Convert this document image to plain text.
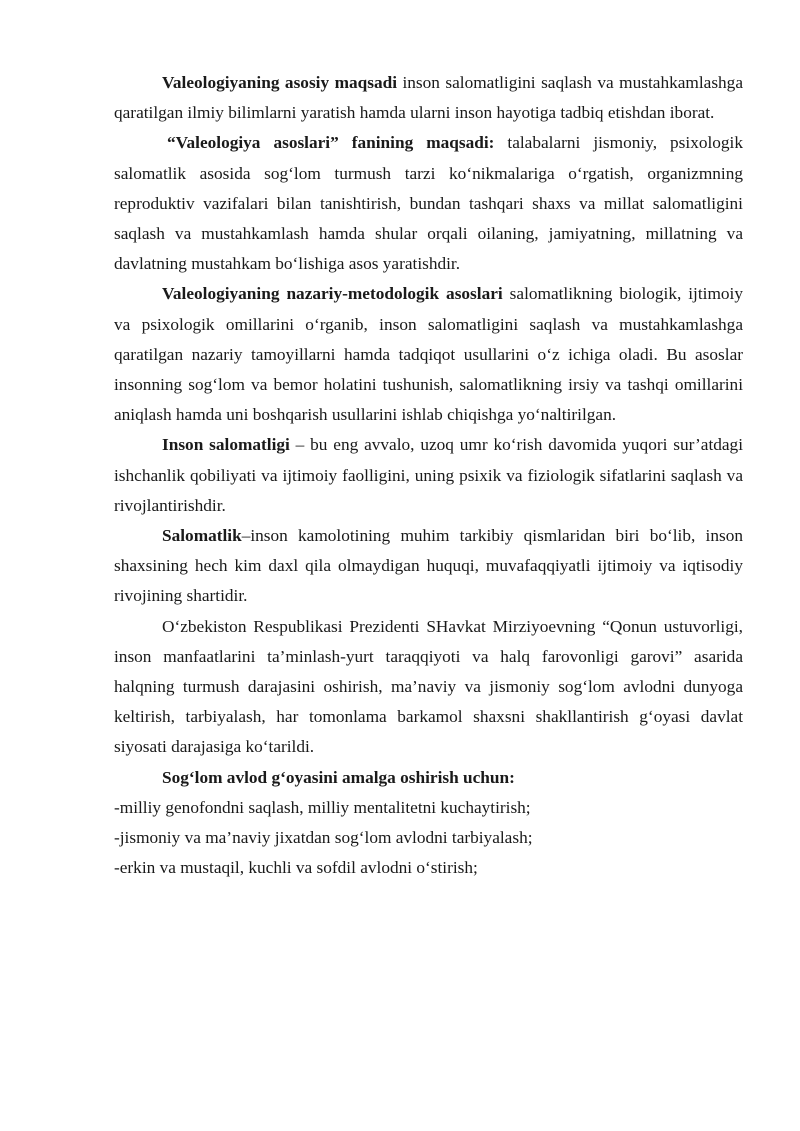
Valeologiyaning asosiy maqsadi inson salomatligini saqlash va mustahkamlashga qaratilgan ilmiy bilimlarni yaratish hamda ularni inson hayotiga tadbiq etishdan iborat.

“Valeologiya asoslari” fanining maqsadi: talabalarni jismoniy, psixologik salomatlik asosida sog‘lom turmush tarzi ko‘nikmalariga o‘rgatish, organizmning reproduktiv vazifalari bilan tanishtirish, bundan tashqari shaxs va millat salomatligini saqlash va mustahkamlash hamda shular orqali oilaning, jamiyatning, millatning va davlatning mustahkam bo‘lishiga asos yaratishdir.

Valeologiyaning nazariy-metodologik asoslari salomatlikning biologik, ijtimoiy va psixologik omillarini o‘rganib, inson salomatligini saqlash va mustahkamlashga qaratilgan nazariy tamoyillarni hamda tadqiqot usullarini o‘z ichiga oladi. Bu asoslar insonning sog‘lom va bemor holatini tushunish, salomatlikning irsiy va tashqi omillarini aniqlash hamda uni boshqarish usullarini ishlab chiqishga yo‘naltirilgan.

Inson salomatligi – bu eng avvalo, uzoq umr ko‘rish davomida yuqori sur’atdagi ishchanlik qobiliyati va ijtimoiy faolligini, uning psixik va fiziologik sifatlarini saqlash va rivojlantirishdir.

Salomatlik–inson kamolotining muhim tarkibiy qismlaridan biri bo‘lib, inson shaxsining hech kim daxl qila olmaydigan huquqi, muvafaqqiyatli ijtimoiy va iqtisodiy rivojining shartidir.

O‘zbekiston Respublikasi Prezidenti SHavkat Mirziyoevning “Qonun ustuvorligi, inson manfaatlarini ta’minlash-yurt taraqqiyoti va halq farovonligi garovi” asarida halqning turmush darajasini oshirish, ma’naviy va jismoniy sog‘lom avlodni dunyoga keltirish, tarbiyalash, har tomonlama barkamol shaxsni shakllantirish g‘oyasi davlat siyosati darajasiga ko‘tarildi.

Sog‘lom avlod g‘oyasini amalga oshirish uchun:

-milliy genofondni saqlash, milliy mentalitetni kuchaytirish;

-jismoniy va ma’naviy jixatdan sog‘lom avlodni tarbiyalash;

-erkin va mustaqil, kuchli va sofdil avlodni o‘stirish;
